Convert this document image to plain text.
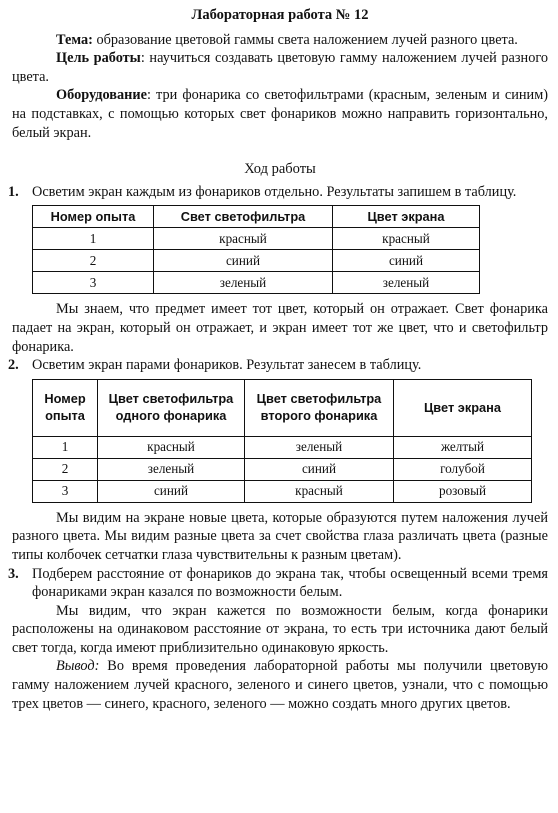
Лабораторная работа № 12

Тема: образование цветовой гаммы света наложением лучей разного цвета.

Цель работы: научиться создавать цветовую гамму наложением лучей разного цвета.

Оборудование: три фонарика со светофильтрами (красным, зеленым и синим) на подставках, с помощью которых свет фонариков можно направить горизонтально, белый экран.

Ход работы
1. Осветим экран каждым из фонариков отдельно. Результаты запишем в таблицу.
Номер опыта	Свет светофильтра	Цвет экрана
1	красный	красный
2	синий	синий
3	зеленый	зеленый

Мы знаем, что предмет имеет тот цвет, который он отражает. Свет фонарика падает на экран, который он отражает, и экран имеет тот же цвет, что и светофильтр фонарика.

2. Осветим экран парами фонариков. Результат занесем в таблицу.
Номер опыта	Цвет светофильтра одного фонарика	Цвет светофильтра второго фонарика	Цвет экрана
1	красный	зеленый	желтый
2	зеленый	синий	голубой
3	синий	красный	розовый

Мы видим на экране новые цвета, которые образуются путем наложения лучей разного цвета. Мы видим разные цвета за счет свойства глаза различать цвета (разные типы колбочек сетчатки глаза чувствительны к разным цветам).

3. Подберем расстояние от фонариков до экрана так, чтобы освещенный всеми тремя фонариками экран казался по возможности белым.

Мы видим, что экран кажется по возможности белым, когда фонарики расположены на одинаковом расстояние от экрана, то есть три источника дают белый свет тогда, когда имеют приблизительно одинаковую яркость.

Вывод: Во время проведения лабораторной работы мы получили цветовую гамму наложением лучей красного, зеленого и синего цветов, узнали, что с помощью трех цветов — синего, красного, зеленого — можно создать много других цветов.
